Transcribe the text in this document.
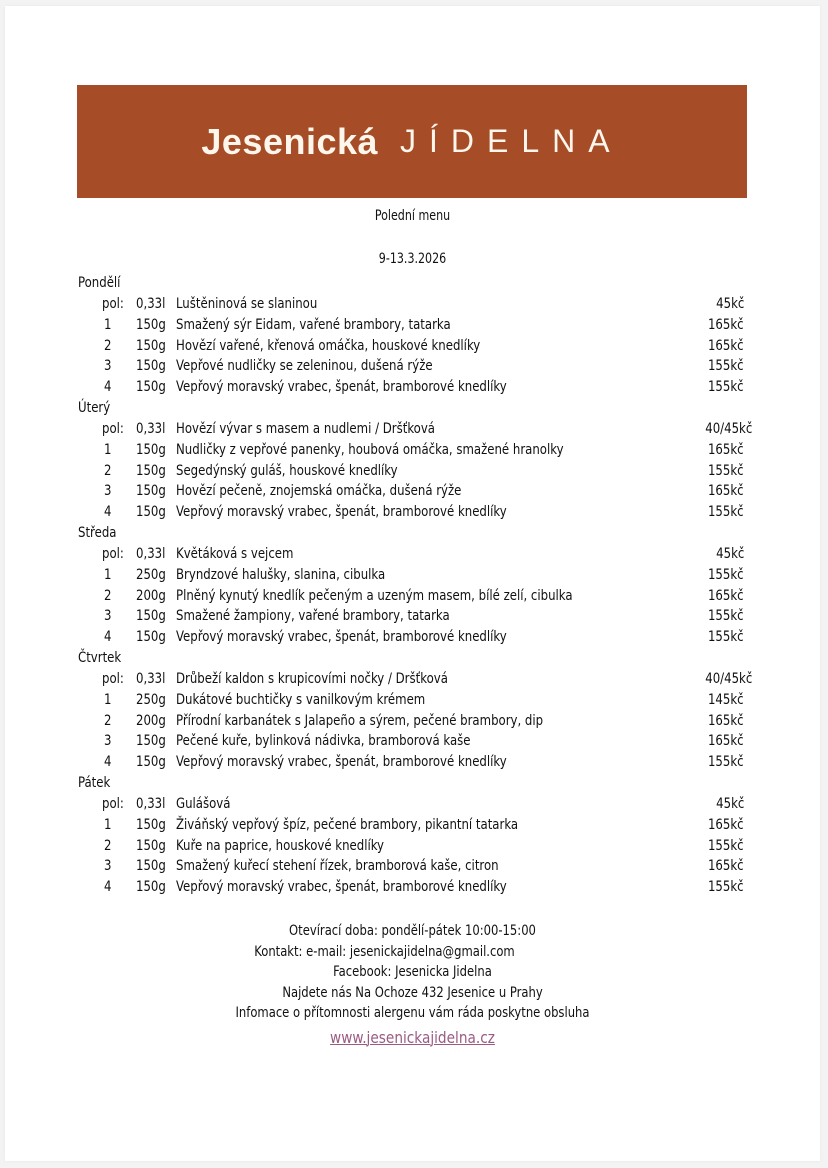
Jesenická JÍDELNA
Polední menu
9-13.3.2026
Pondělí
pol: 0,33l Luštěninová se slaninou	45kč
1 150g Smažený sýr Eidam, vařené brambory, tatarka	165kč
2 150g Hovězí vařené, křenová omáčka, houskové knedlíky	165kč
3 150g Vepřové nudličky se zeleninou, dušená rýže	155kč
4 150g Vepřový moravský vrabec, špenát, bramborové knedlíky	155kč
Úterý
pol: 0,33l Hovězí vývar s masem a nudlemi / Dršťková	40/45kč
1 150g Nudličky z vepřové panenky, houbová omáčka, smažené hranolky	165kč
2 150g Segedýnský guláš, houskové knedlíky	155kč
3 150g Hovězí pečeně, znojemská omáčka, dušená rýže	165kč
4 150g Vepřový moravský vrabec, špenát, bramborové knedlíky	155kč
Středa
pol: 0,33l Květáková s vejcem	45kč
1 250g Bryndzové halušky, slanina, cibulka	155kč
2 200g Plněný kynutý knedlík pečeným a uzeným masem, bílé zelí, cibulka	165kč
3 150g Smažené žampiony, vařené brambory, tatarka	155kč
4 150g Vepřový moravský vrabec, špenát, bramborové knedlíky	155kč
Čtvrtek
pol: 0,33l Drůbeží kaldon s krupicovími nočky / Dršťková	40/45kč
1 250g Dukátové buchtičky s vanilkovým krémem	145kč
2 200g Přírodní karbanátek s Jalapeño a sýrem, pečené brambory, dip	165kč
3 150g Pečené kuře, bylinková nádivka, bramborová kaše	165kč
4 150g Vepřový moravský vrabec, špenát, bramborové knedlíky	155kč
Pátek
pol: 0,33l Gulášová	45kč
1 150g Živáňský vepřový špíz, pečené brambory, pikantní tatarka	165kč
2 150g Kuře na paprice, houskové knedlíky	155kč
3 150g Smažený kuřecí stehení řízek, bramborová kaše, citron	165kč
4 150g Vepřový moravský vrabec, špenát, bramborové knedlíky	155kč
Otevírací doba: pondělí-pátek 10:00-15:00
Kontakt: e-mail: jesenickajidelna@gmail.com
Facebook: Jesenicka Jidelna
Najdete nás Na Ochoze 432 Jesenice u Prahy
Infomace o přítomnosti alergenu vám ráda poskytne obsluha
www.jesenickajidelna.cz
